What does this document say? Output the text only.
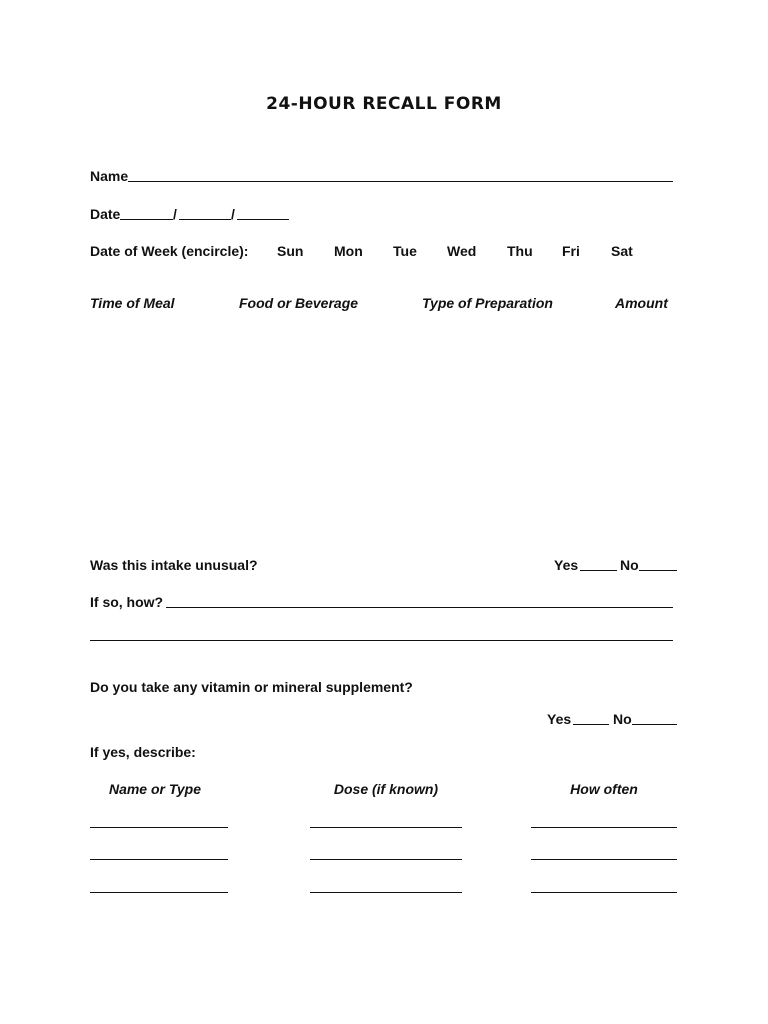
24-HOUR RECALL FORM
Name
Date	/	/
Date of Week (encircle): Sun Mon Tue Wed Thu Fri Sat
Time of Meal	Food or Beverage	Type of Preparation	Amount
Was this intake unusual?	Yes	No
If so, how?
Do you take any vitamin or mineral supplement?
Yes	No
If yes, describe:
Name or Type	Dose (if known)	How often
